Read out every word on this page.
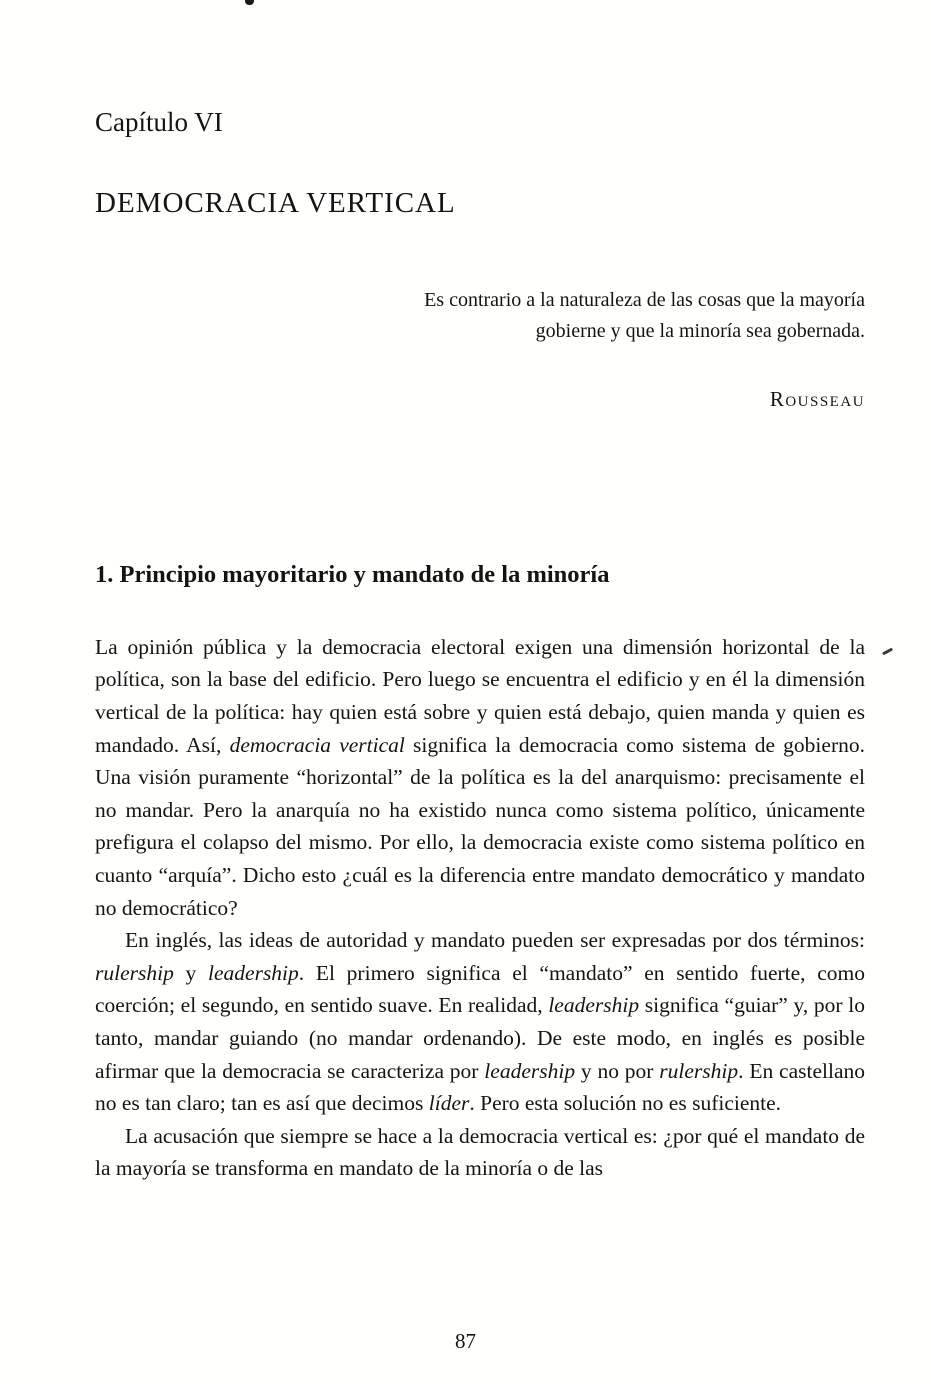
Capítulo VI
DEMOCRACIA VERTICAL
Es contrario a la naturaleza de las cosas que la mayoría
gobierne y que la minoría sea gobernada.
Rousseau
1. Principio mayoritario y mandato de la minoría

La opinión pública y la democracia electoral exigen una dimensión horizontal de la política, son la base del edificio. Pero luego se encuentra el edificio y en él la dimensión vertical de la política: hay quien está sobre y quien está debajo, quien manda y quien es mandado. Así, democracia vertical significa la democracia como sistema de gobierno. Una visión puramente “horizontal” de la política es la del anarquismo: precisamente el no mandar. Pero la anarquía no ha existido nunca como sistema político, únicamente prefigura el colapso del mismo. Por ello, la democracia existe como sistema político en cuanto “arquía”. Dicho esto ¿cuál es la diferencia entre mandato democrático y mandato no democrático?

En inglés, las ideas de autoridad y mandato pueden ser expresadas por dos términos: rulership y leadership. El primero significa el “mandato” en sentido fuerte, como coerción; el segundo, en sentido suave. En realidad, leadership significa “guiar” y, por lo tanto, mandar guiando (no mandar ordenando). De este modo, en inglés es posible afirmar que la democracia se caracteriza por leadership y no por rulership. En castellano no es tan claro; tan es así que decimos líder. Pero esta solución no es suficiente.

La acusación que siempre se hace a la democracia vertical es: ¿por qué el mandato de la mayoría se transforma en mandato de la minoría o de las

87
